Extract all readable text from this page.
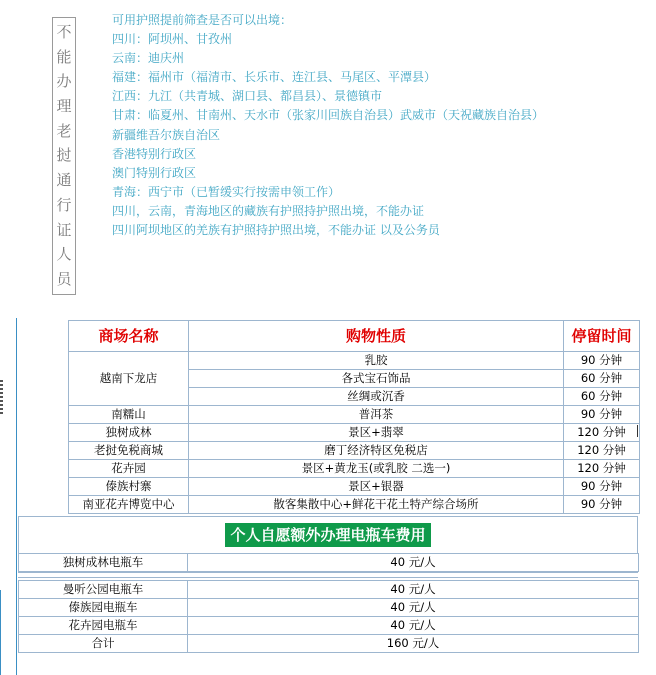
不
能
办
理
老
挝
通
行
证
人
员
可用护照提前筛查是否可以出境：
四川：阿坝州、甘孜州
云南：迪庆州
福建：福州市（福清市、长乐市、连江县、马尾区、平潭县）
江西：九江（共青城、湖口县、都昌县）、景德镇市
甘肃：临夏州、甘南州、天水市（张家川回族自治县）武威市（天祝藏族自治县）
新疆维吾尔族自治区
香港特别行政区
澳门特别行政区
青海：西宁市（已暂缓实行按需申领工作）
四川，云南，青海地区的藏族有护照持护照出境，不能办证
四川阿坝地区的羌族有护照持护照出境，不能办证 以及公务员
商场名称	购物性质	停留时间
越南下龙店	乳胶	90 分钟
	各式宝石饰品	60 分钟
	丝绸或沉香	60 分钟
南糯山	普洱茶	90 分钟
独树成林	景区+翡翠	120 分钟
老挝免税商城	磨丁经济特区免税店	120 分钟
花卉园	景区+黄龙玉(或乳胶 二选一)	120 分钟
傣族村寨	景区+银器	90 分钟
南亚花卉博览中心	散客集散中心+鲜花干花土特产综合场所	90 分钟
个人自愿额外办理电瓶车费用
独树成林电瓶车	40 元/人
曼听公园电瓶车	40 元/人
傣族园电瓶车	40 元/人
花卉园电瓶车	40 元/人
合计	160 元/人
